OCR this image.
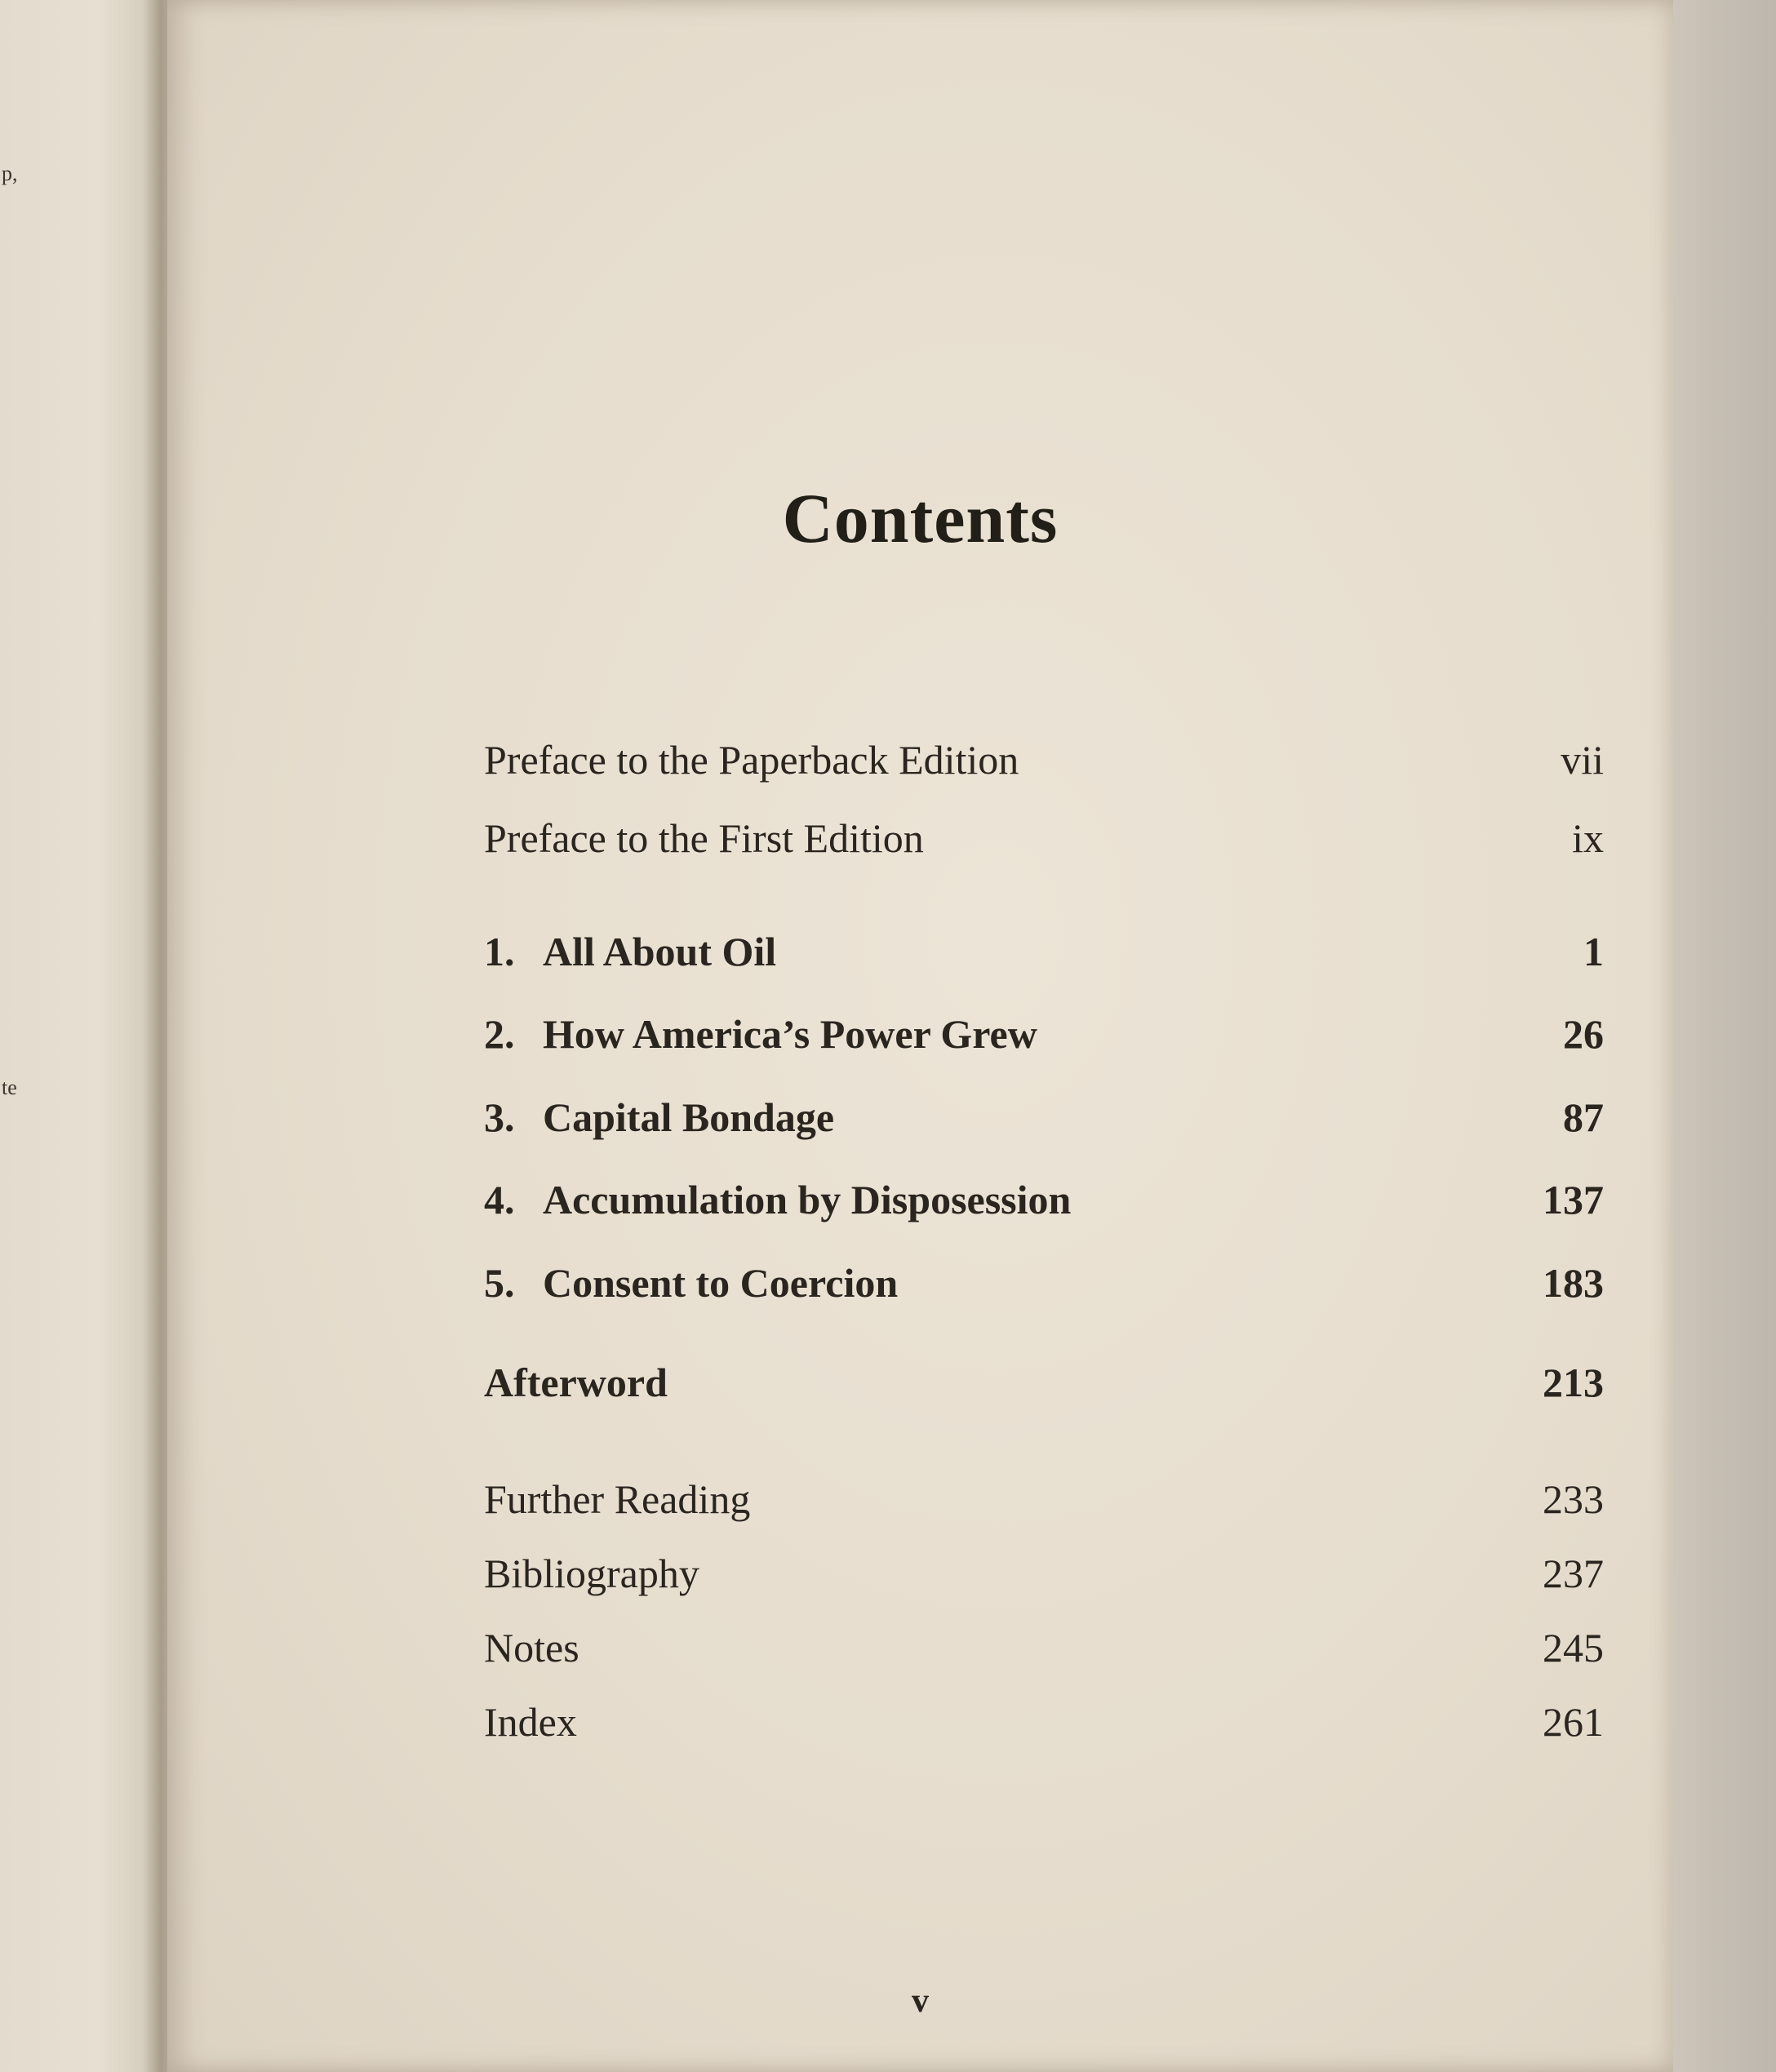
p,
te
Contents
Preface to the Paperback Edition	vii
Preface to the First Edition	ix
1. All About Oil	1
2. How America’s Power Grew	26
3. Capital Bondage	87
4. Accumulation by Disposession	137
5. Consent to Coercion	183
Afterword	213
Further Reading	233
Bibliography	237
Notes	245
Index	261
v
